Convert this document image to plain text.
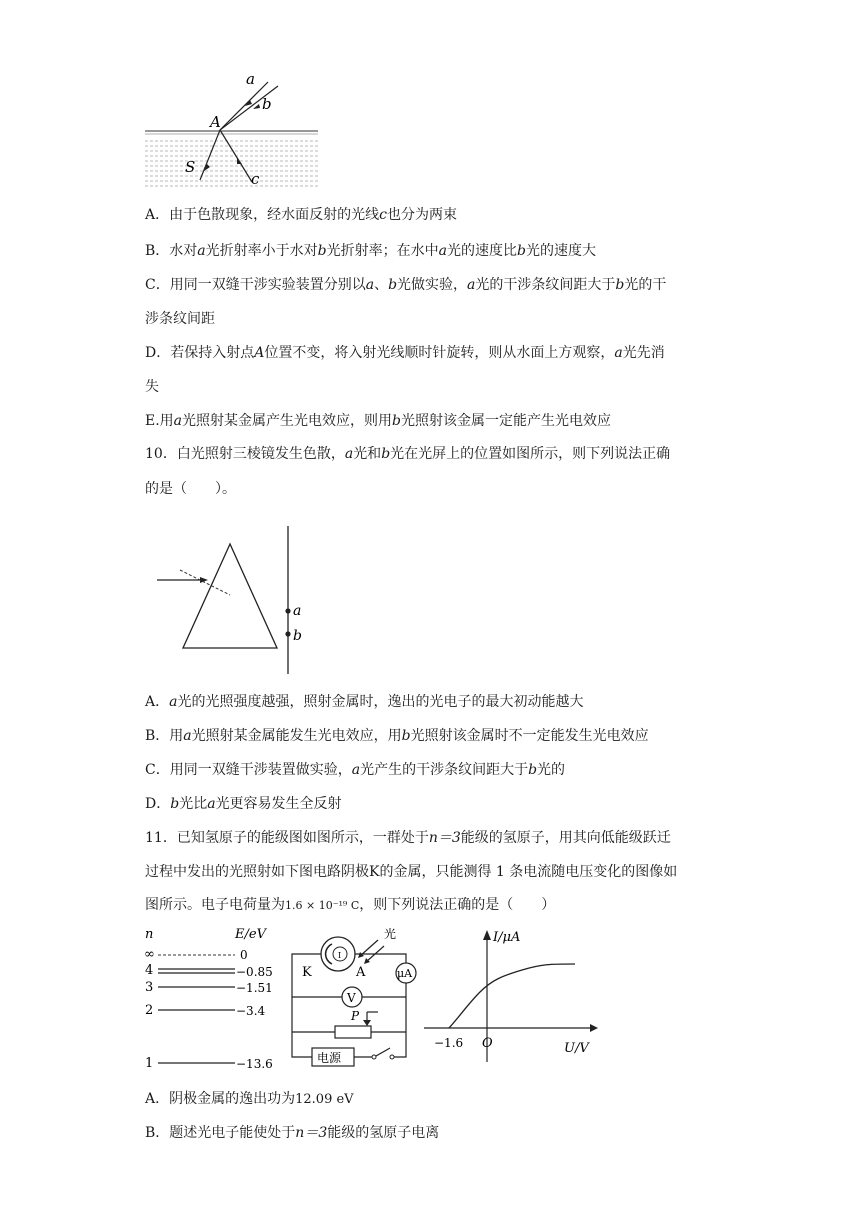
a
b
A
S
c
A．由于色散现象，经水面反射的光线c也分为两束
B．水对a光折射率小于水对b光折射率；在水中a光的速度比b光的速度大
C．用同一双缝干涉实验装置分别以a、b光做实验，a光的干涉条纹间距大于b光的干
涉条纹间距
D．若保持入射点A位置不变，将入射光线顺时针旋转，则从水面上方观察，a光先消
失
E.用a光照射某金属产生光电效应，则用b光照射该金属一定能产生光电效应
10．白光照射三棱镜发生色散，a光和b光在光屏上的位置如图所示，则下列说法正确
的是（　　）。
a
b
A．a光的光照强度越强，照射金属时，逸出的光电子的最大初动能越大
B．用a光照射某金属能发生光电效应，用b光照射该金属时不一定能发生光电效应
C．用同一双缝干涉装置做实验，a光产生的干涉条纹间距大于b光的
D．b光比a光更容易发生全反射
11．已知氢原子的能级图如图所示，一群处于n＝3能级的氢原子，用其向低能级跃迁
过程中发出的光照射如下图电路阴极K的金属，只能测得 1 条电流随电压变化的图像如
图所示。电子电荷量为1.6 × 10⁻¹⁹ C，则下列说法正确的是（　　）
n	E/eV
∞	0
4	−0.85
3	−1.51
2	−3.4
1	−13.6
光
I
K	A	μA
V
P
电源
I/μA
U/V
O
−1.6
A．阴极金属的逸出功为12.09 eV
B．题述光电子能使处于n＝3能级的氢原子电离
